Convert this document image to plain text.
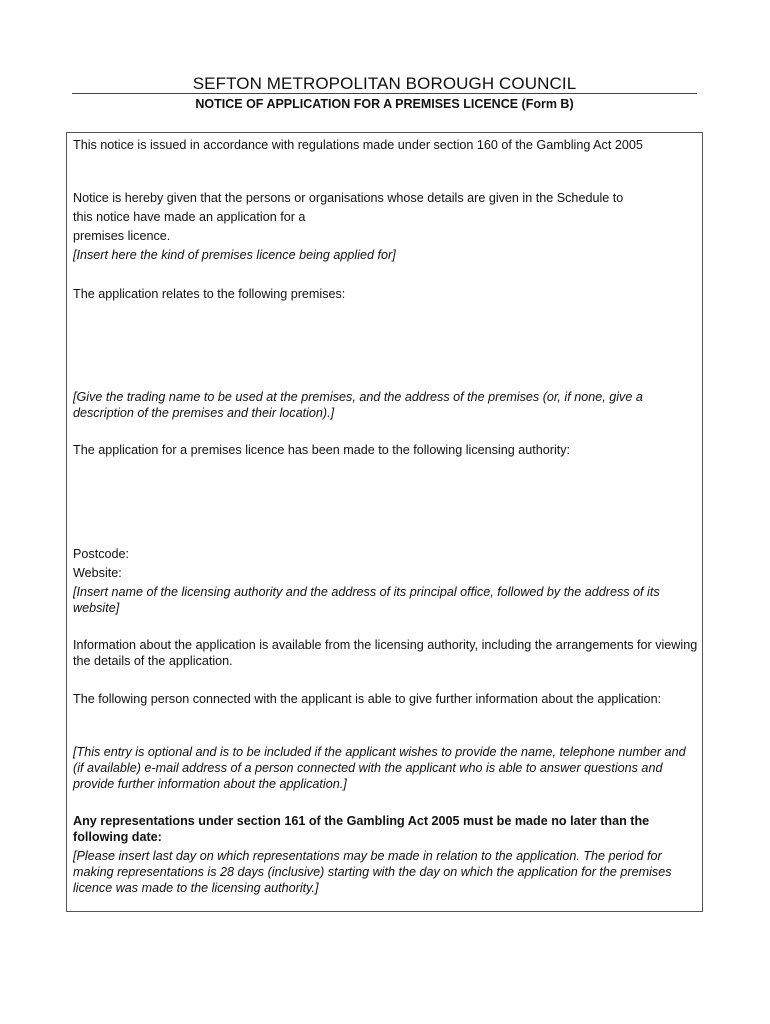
SEFTON METROPOLITAN BOROUGH COUNCIL
NOTICE OF APPLICATION FOR A PREMISES LICENCE (Form B)

This notice is issued in accordance with regulations made under section 160 of the Gambling Act 2005

Notice is hereby given that the persons or organisations whose details are given in the Schedule to

this notice have made an application for a

premises licence.

[Insert here the kind of premises licence being applied for]

The application relates to the following premises:

[Give the trading name to be used at the premises, and the address of the premises (or, if none, give a description of the premises and their location).]

The application for a premises licence has been made to the following licensing authority:

Postcode:

Website:

[Insert name of the licensing authority and the address of its principal office, followed by the address of its website]

Information about the application is available from the licensing authority, including the arrangements for viewing the details of the application.

The following person connected with the applicant is able to give further information about the application:

[This entry is optional and is to be included if the applicant wishes to provide the name, telephone number and (if available) e-mail address of a person connected with the applicant who is able to answer questions and provide further information about the application.]

Any representations under section 161 of the Gambling Act 2005 must be made no later than the following date:

[Please insert last day on which representations may be made in relation to the application. The period for making representations is 28 days (inclusive) starting with the day on which the application for the premises licence was made to the licensing authority.]
